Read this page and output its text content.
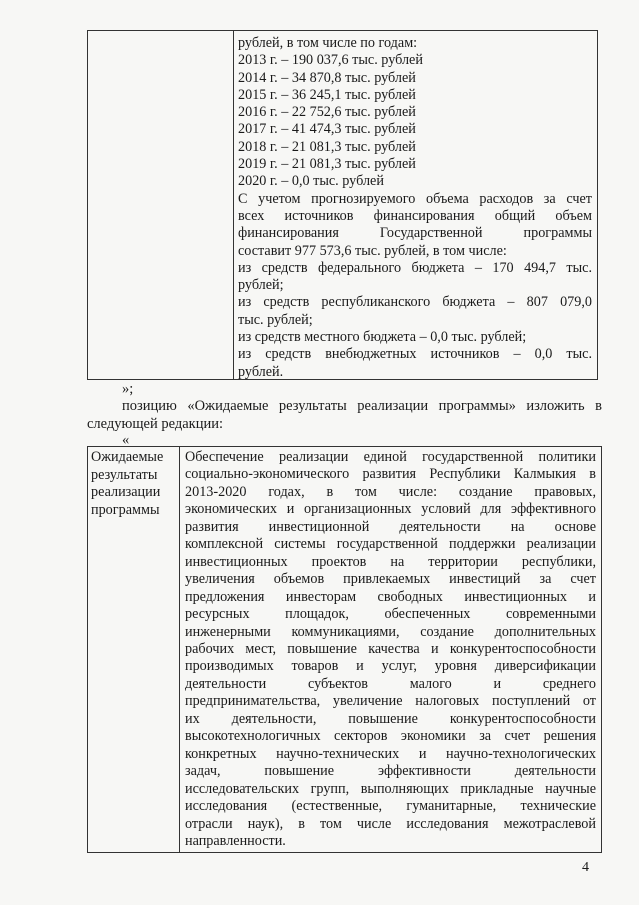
рублей, в том числе по годам:
2013 г. – 190 037,6 тыс. рублей
2014 г. – 34 870,8 тыс. рублей
2015 г. – 36 245,1 тыс. рублей
2016 г. – 22 752,6 тыс. рублей
2017 г. – 41 474,3 тыс. рублей
2018 г. – 21 081,3 тыс. рублей
2019 г. – 21 081,3 тыс. рублей
2020 г. – 0,0 тыс. рублей
С учетом прогнозируемого объема расходов за счет
всех источников финансирования общий объем
финансирования Государственной программы
составит 977 573,6 тыс. рублей, в том числе:
из средств федерального бюджета – 170 494,7 тыс.
рублей;
из средств республиканского бюджета – 807 079,0
тыс. рублей;
из средств местного бюджета – 0,0 тыс. рублей;
из средств внебюджетных источников – 0,0 тыс.
рублей.
»;
позицию «Ожидаемые результаты реализации программы» изложить в
следующей редакции:
«
Ожидаемые
результаты
реализации
программы
Обеспечение реализации единой государственной политики
социально-экономического развития Республики Калмыкия в
2013-2020 годах, в том числе: создание правовых,
экономических и организационных условий для эффективного
развития инвестиционной деятельности на основе
комплексной системы государственной поддержки реализации
инвестиционных проектов на территории республики,
увеличения объемов привлекаемых инвестиций за счет
предложения инвесторам свободных инвестиционных и
ресурсных площадок, обеспеченных современными
инженерными коммуникациями, создание дополнительных
рабочих мест, повышение качества и конкурентоспособности
производимых товаров и услуг, уровня диверсификации
деятельности субъектов малого и среднего
предпринимательства, увеличение налоговых поступлений от
их деятельности, повышение конкурентоспособности
высокотехнологичных секторов экономики за счет решения
конкретных научно-технических и научно-технологических
задач, повышение эффективности деятельности
исследовательских групп, выполняющих прикладные научные
исследования (естественные, гуманитарные, технические
отрасли наук), в том числе исследования межотраслевой
направленности.
4
